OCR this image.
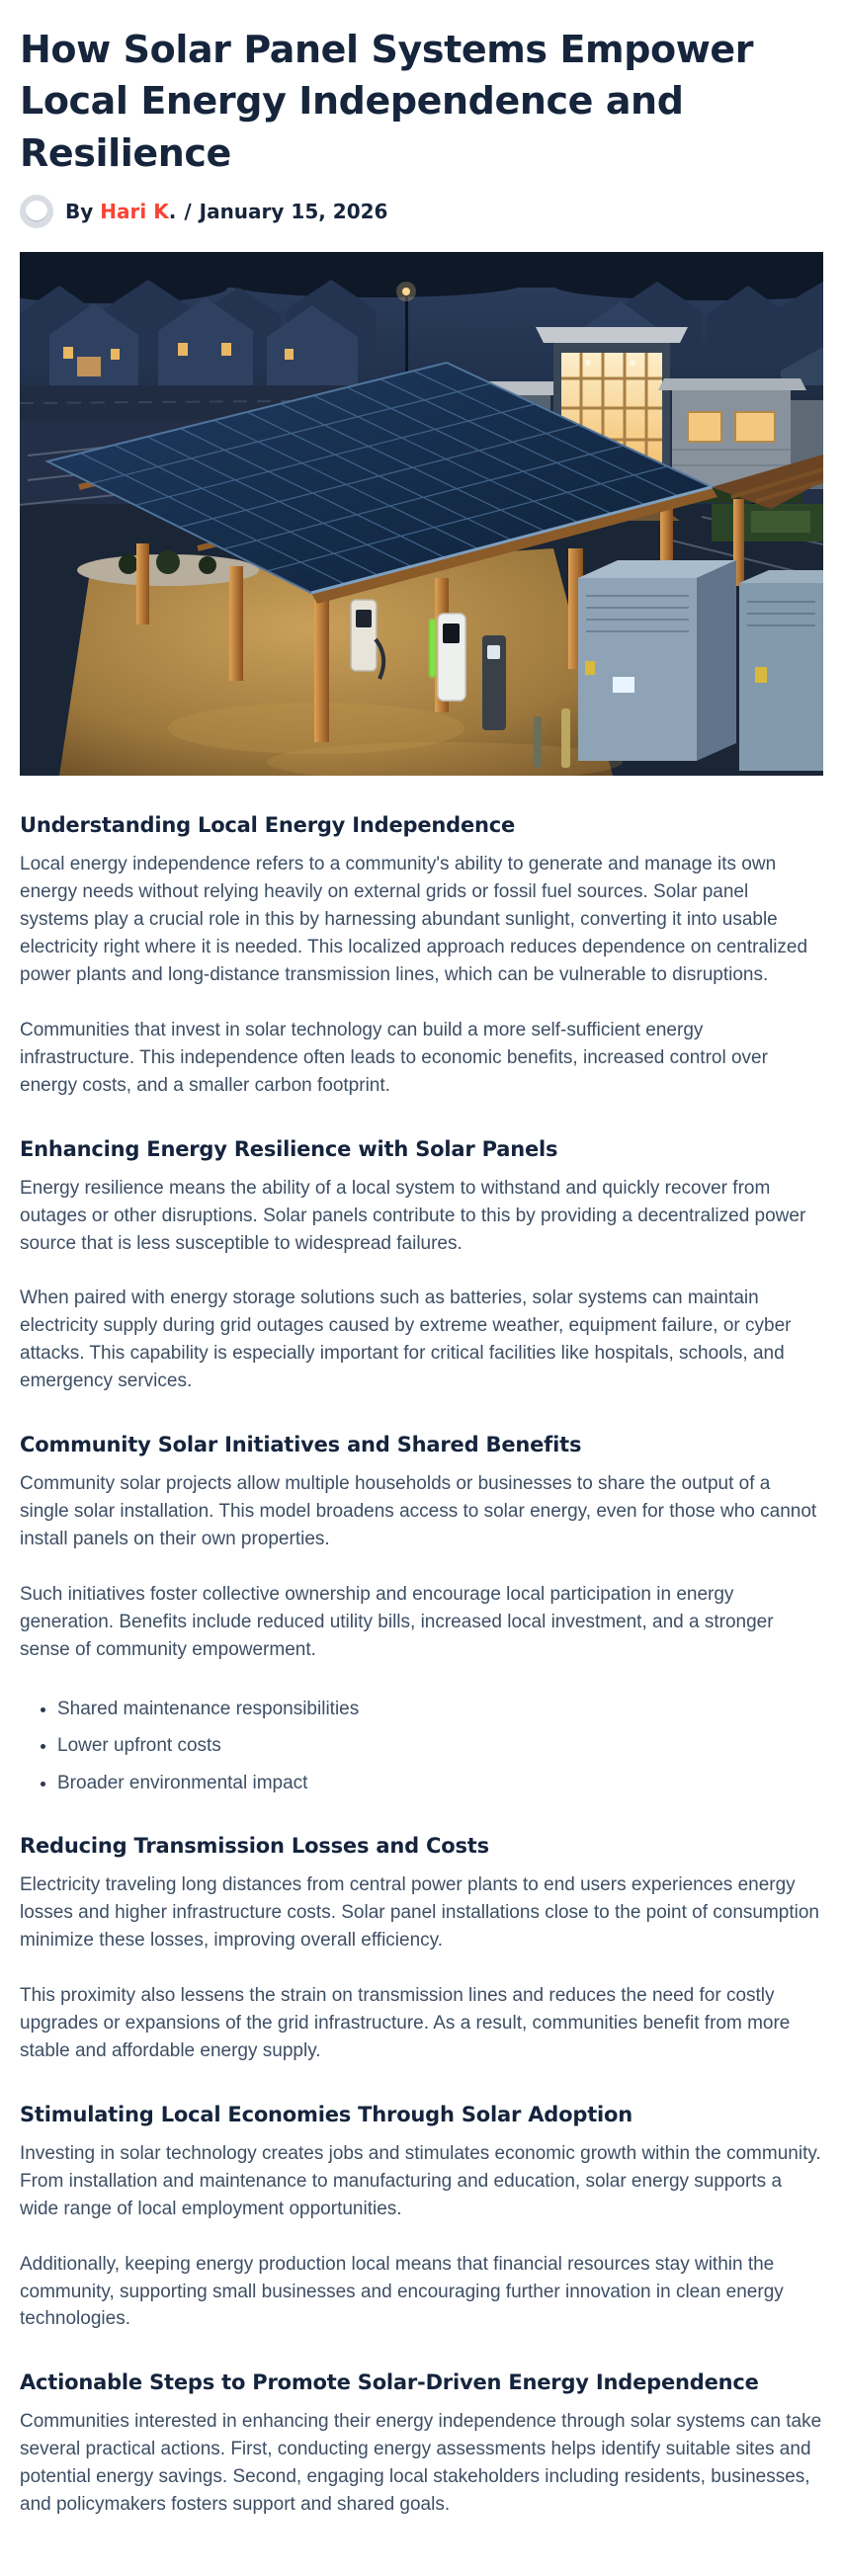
How Solar Panel Systems Empower Local Energy Independence and Resilience
By Hari K . / January 15, 2026
Understanding Local Energy Independence

Local energy independence refers to a community's ability to generate and manage its own energy needs without relying heavily on external grids or fossil fuel sources. Solar panel systems play a crucial role in this by harnessing abundant sunlight, converting it into usable electricity right where it is needed. This localized approach reduces dependence on centralized power plants and long-distance transmission lines, which can be vulnerable to disruptions.

Communities that invest in solar technology can build a more self-sufficient energy infrastructure. This independence often leads to economic benefits, increased control over energy costs, and a smaller carbon footprint.

Enhancing Energy Resilience with Solar Panels

Energy resilience means the ability of a local system to withstand and quickly recover from outages or other disruptions. Solar panels contribute to this by providing a decentralized power source that is less susceptible to widespread failures.

When paired with energy storage solutions such as batteries, solar systems can maintain electricity supply during grid outages caused by extreme weather, equipment failure, or cyber attacks. This capability is especially important for critical facilities like hospitals, schools, and emergency services.

Community Solar Initiatives and Shared Benefits

Community solar projects allow multiple households or businesses to share the output of a single solar installation. This model broadens access to solar energy, even for those who cannot install panels on their own properties.

Such initiatives foster collective ownership and encourage local participation in energy generation. Benefits include reduced utility bills, increased local investment, and a stronger sense of community empowerment.

• Shared maintenance responsibilities
• Lower upfront costs
• Broader environmental impact
Reducing Transmission Losses and Costs

Electricity traveling long distances from central power plants to end users experiences energy losses and higher infrastructure costs. Solar panel installations close to the point of consumption minimize these losses, improving overall efficiency.

This proximity also lessens the strain on transmission lines and reduces the need for costly upgrades or expansions of the grid infrastructure. As a result, communities benefit from more stable and affordable energy supply.

Stimulating Local Economies Through Solar Adoption

Investing in solar technology creates jobs and stimulates economic growth within the community. From installation and maintenance to manufacturing and education, solar energy supports a wide range of local employment opportunities.

Additionally, keeping energy production local means that financial resources stay within the community, supporting small businesses and encouraging further innovation in clean energy technologies.

Actionable Steps to Promote Solar-Driven Energy Independence

Communities interested in enhancing their energy independence through solar systems can take several practical actions. First, conducting energy assessments helps identify suitable sites and potential energy savings. Second, engaging local stakeholders including residents, businesses, and policymakers fosters support and shared goals.
